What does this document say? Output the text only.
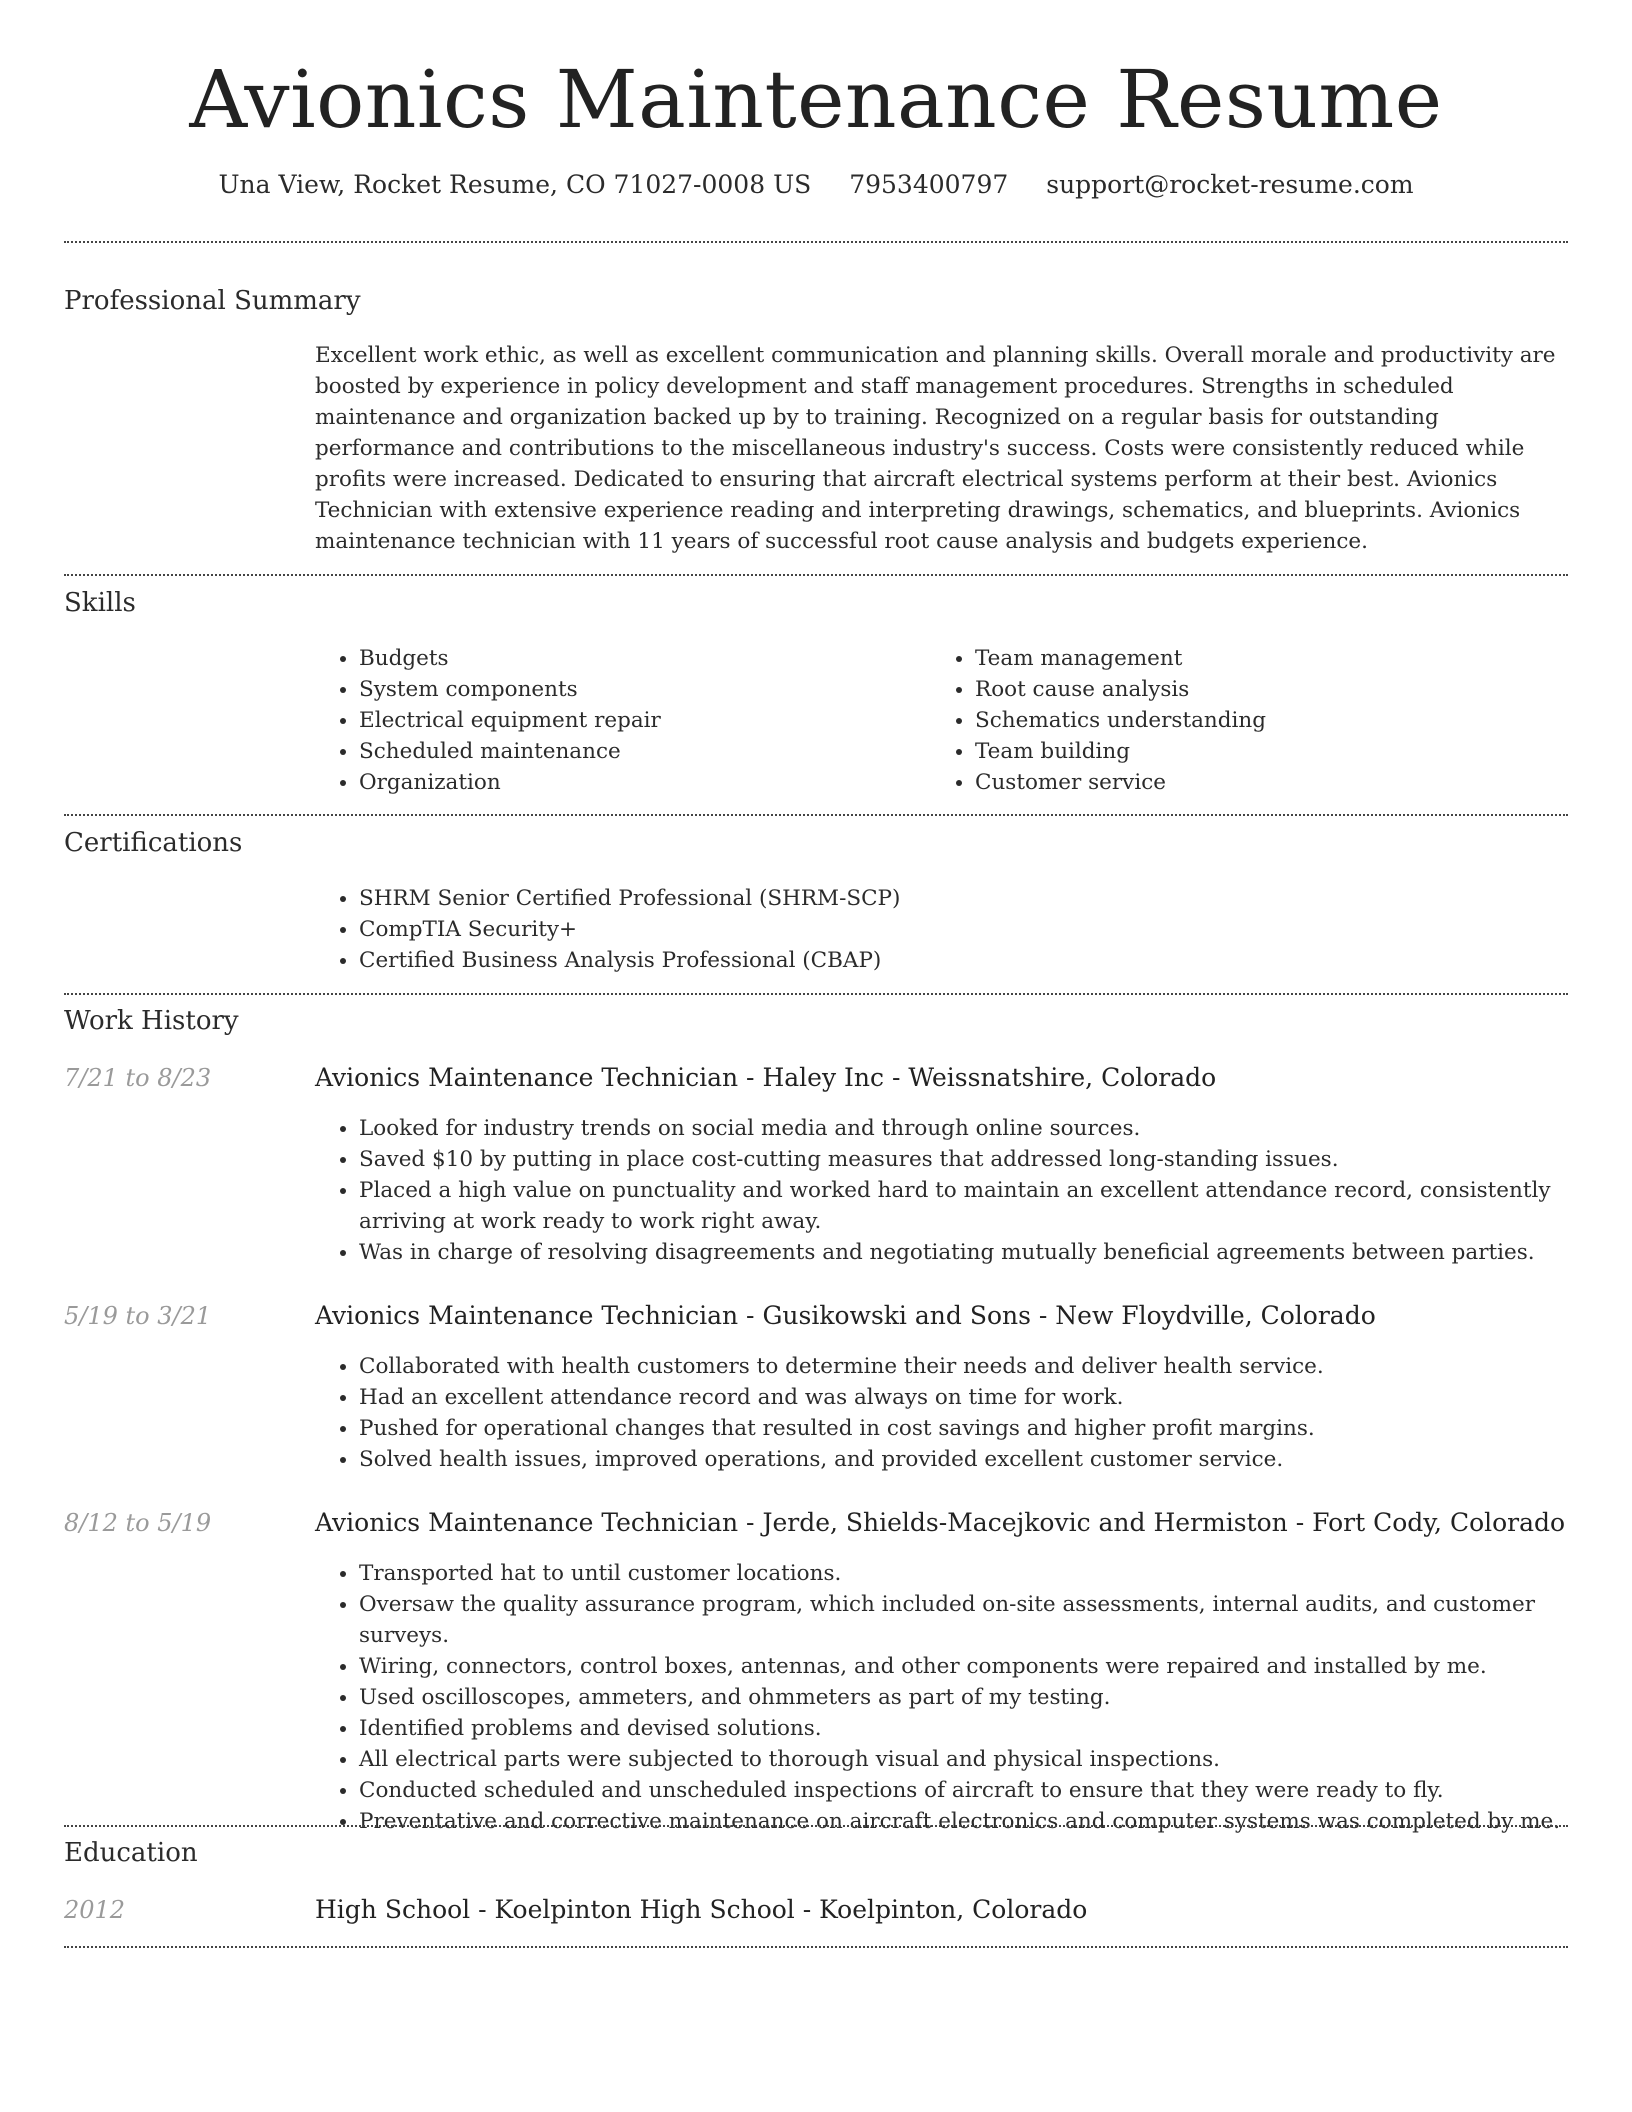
Avionics Maintenance Resume
Una View, Rocket Resume, CO 71027-0008 US 7953400797 support@rocket-resume.com
Professional Summary

Excellent work ethic, as well as excellent communication and planning skills. Overall morale and productivity are boosted by experience in policy development and staff management procedures. Strengths in scheduled maintenance and organization backed up by to training. Recognized on a regular basis for outstanding performance and contributions to the miscellaneous industry's success. Costs were consistently reduced while profits were increased. Dedicated to ensuring that aircraft electrical systems perform at their best. Avionics Technician with extensive experience reading and interpreting drawings, schematics, and blueprints. Avionics maintenance technician with 11 years of successful root cause analysis and budgets experience.

Skills
• Budgets
• System components
• Electrical equipment repair
• Scheduled maintenance
• Organization
• Team management
• Root cause analysis
• Schematics understanding
• Team building
• Customer service
Certifications
• SHRM Senior Certified Professional (SHRM-SCP)
• CompTIA Security+
• Certified Business Analysis Professional (CBAP)
Work History
7/21 to 8/23	Avionics Maintenance Technician - Haley Inc - Weissnatshire, Colorado
• Looked for industry trends on social media and through online sources.
• Saved $10 by putting in place cost-cutting measures that addressed long-standing issues.
• Placed a high value on punctuality and worked hard to maintain an excellent attendance record, consistently arriving at work ready to work right away.
• Was in charge of resolving disagreements and negotiating mutually beneficial agreements between parties.
5/19 to 3/21	Avionics Maintenance Technician - Gusikowski and Sons - New Floydville, Colorado
• Collaborated with health customers to determine their needs and deliver health service.
• Had an excellent attendance record and was always on time for work.
• Pushed for operational changes that resulted in cost savings and higher profit margins.
• Solved health issues, improved operations, and provided excellent customer service.
8/12 to 5/19	Avionics Maintenance Technician - Jerde, Shields-Macejkovic and Hermiston - Fort Cody, Colorado
• Transported hat to until customer locations.
• Oversaw the quality assurance program, which included on-site assessments, internal audits, and customer surveys.
• Wiring, connectors, control boxes, antennas, and other components were repaired and installed by me.
• Used oscilloscopes, ammeters, and ohmmeters as part of my testing.
• Identified problems and devised solutions.
• All electrical parts were subjected to thorough visual and physical inspections.
• Conducted scheduled and unscheduled inspections of aircraft to ensure that they were ready to fly.
• Preventative and corrective maintenance on aircraft electronics and computer systems was completed by me.
Education
2012	High School - Koelpinton High School - Koelpinton, Colorado
